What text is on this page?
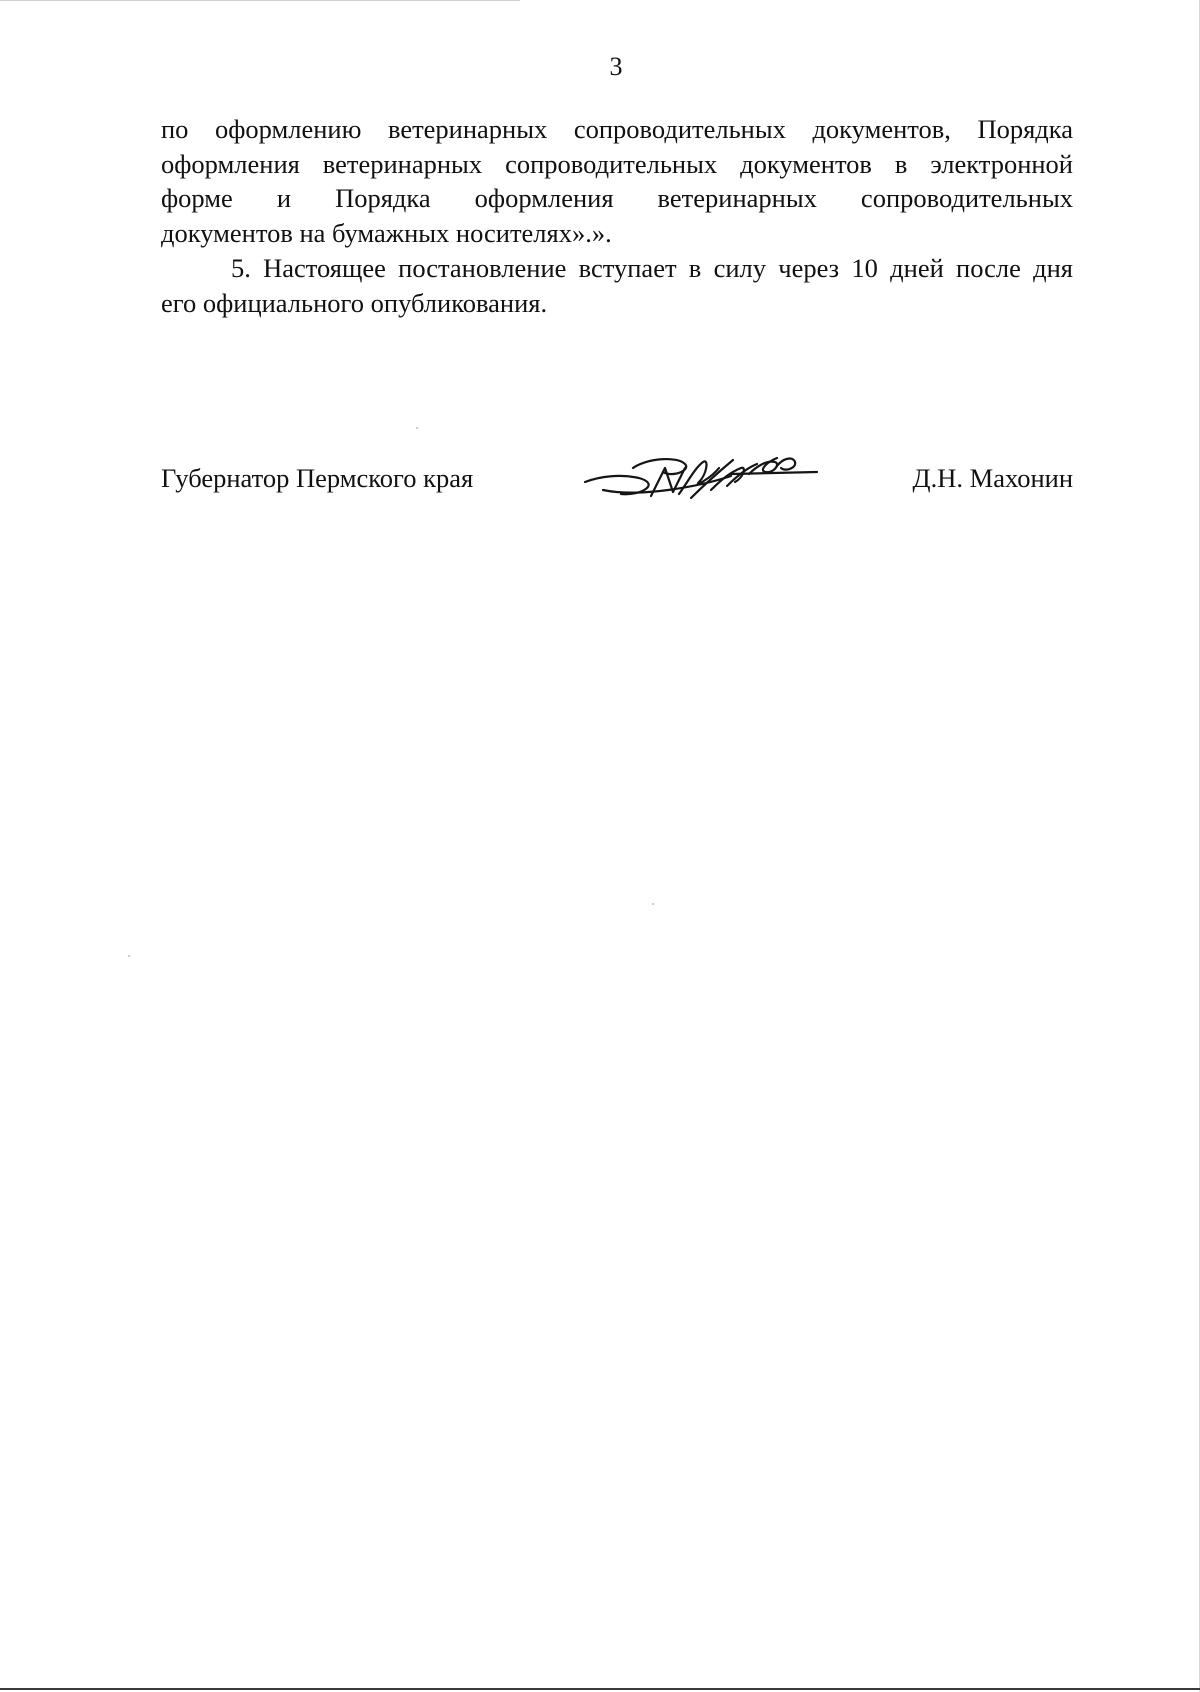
3
по оформлению ветеринарных сопроводительных документов, Порядка
оформления ветеринарных сопроводительных документов в электронной
форме и Порядка оформления ветеринарных сопроводительных
документов на бумажных носителях».».
5. Настоящее постановление вступает в силу через 10 дней после дня
его официального опубликования.
Губернатор Пермского края	Д.Н. Махонин
